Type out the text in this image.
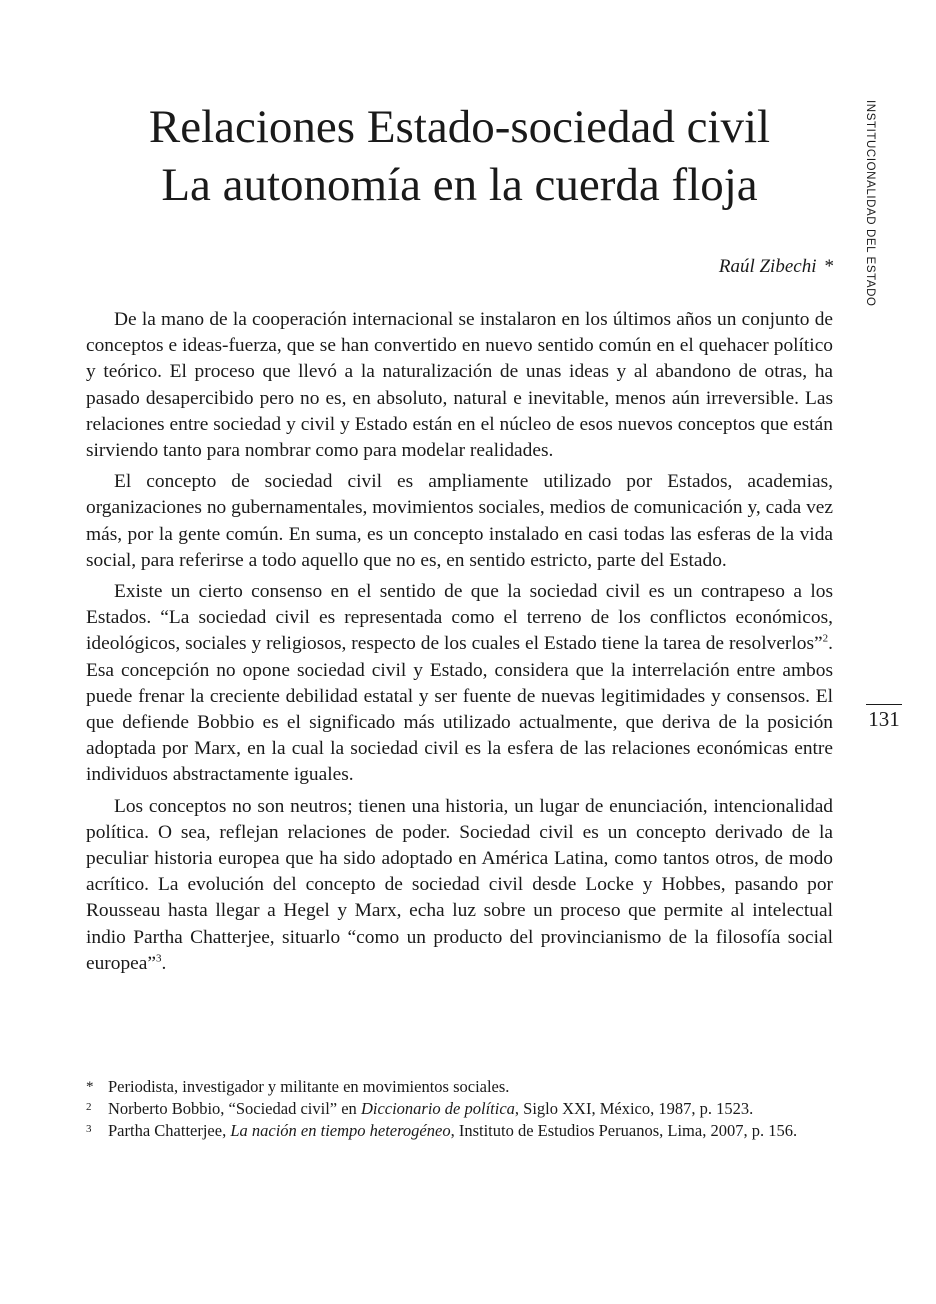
Relaciones Estado-sociedad civil
La autonomía en la cuerda floja
Raúl Zibechi *	INSTITUCIONALIDAD DEL ESTADO
131

De la mano de la cooperación internacional se instalaron en los últimos años un conjunto de conceptos e ideas-fuerza, que se han convertido en nuevo sentido común en el quehacer político y teórico. El proceso que llevó a la naturalización de unas ideas y al abandono de otras, ha pasado desapercibido pero no es, en absoluto, natural e inevitable, menos aún irreversible. Las relaciones entre sociedad y civil y Estado están en el núcleo de esos nuevos conceptos que están sirviendo tanto para nombrar como para modelar realidades.

El concepto de sociedad civil es ampliamente utilizado por Estados, academias, organizaciones no gubernamentales, movimientos sociales, medios de comunicación y, cada vez más, por la gente común. En suma, es un concepto instalado en casi todas las esferas de la vida social, para referirse a todo aquello que no es, en sentido estricto, parte del Estado.

Existe un cierto consenso en el sentido de que la sociedad civil es un contrapeso a los Estados. “La sociedad civil es representada como el terreno de los conflictos económicos, ideológicos, sociales y religiosos, respecto de los cuales el Estado tiene la tarea de resolverlos”$^2$. Esa concepción no opone sociedad civil y Estado, considera que la interrelación entre ambos puede frenar la creciente debilidad estatal y ser fuente de nuevas legitimidades y consensos. El que defiende Bobbio es el significado más utilizado actualmente, que deriva de la posición adoptada por Marx, en la cual la sociedad civil es la esfera de las relaciones económicas entre individuos abstractamente iguales.

Los conceptos no son neutros; tienen una historia, un lugar de enunciación, intencionalidad política. O sea, reflejan relaciones de poder. Sociedad civil es un concepto derivado de la peculiar historia europea que ha sido adoptado en América Latina, como tantos otros, de modo acrítico. La evolución del concepto de sociedad civil desde Locke y Hobbes, pasando por Rousseau hasta llegar a Hegel y Marx, echa luz sobre un proceso que permite al intelectual indio Partha Chatterjee, situarlo “como un producto del provincianismo de la filosofía social europea”$^3$.

* Periodista, investigador y militante en movimientos sociales.

2 Norberto Bobbio, “Sociedad civil” en Diccionario de política, Siglo XXI, México, 1987, p. 1523.

3 Partha Chatterjee, La nación en tiempo heterogéneo, Instituto de Estudios Peruanos, Lima, 2007, p. 156.
